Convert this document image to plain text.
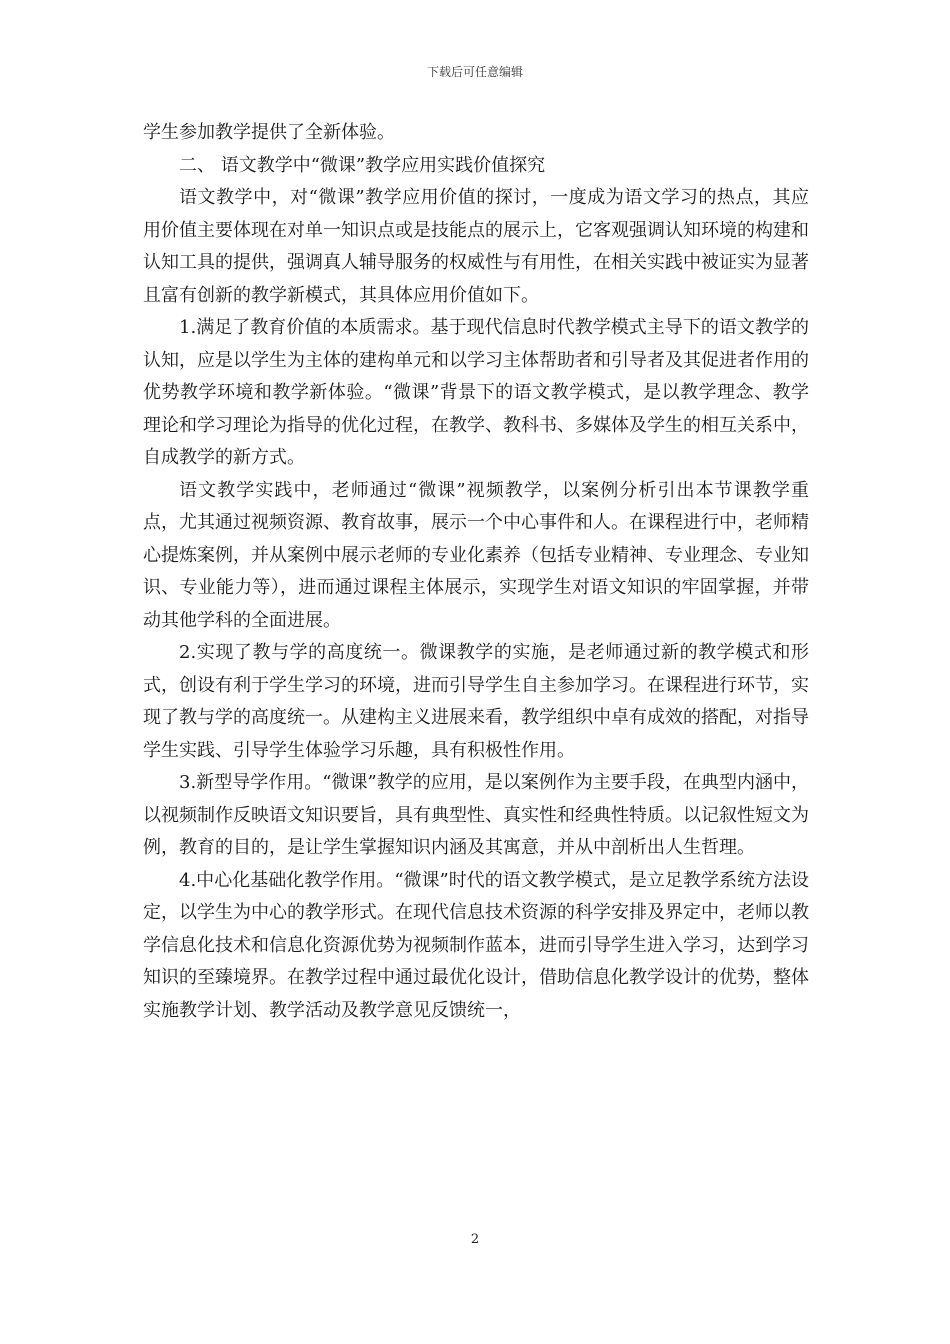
下载后可任意编辑

学生参加教学提供了全新体验。

二、 语文教学中“微课”教学应用实践价值探究

语文教学中，对“微课”教学应用价值的探讨，一度成为语文学习的热点，其应用价值主要体现在对单一知识点或是技能点的展示上，它客观强调认知环境的构建和认知工具的提供，强调真人辅导服务的权威性与有用性，在相关实践中被证实为显著且富有创新的教学新模式，其具体应用价值如下。

1.满足了教育价值的本质需求。基于现代信息时代教学模式主导下的语文教学的认知，应是以学生为主体的建构单元和以学习主体帮助者和引导者及其促进者作用的优势教学环境和教学新体验。“微课”背景下的语文教学模式，是以教学理念、教学理论和学习理论为指导的优化过程，在教学、教科书、多媒体及学生的相互关系中，自成教学的新方式。

语文教学实践中，老师通过“微课”视频教学，以案例分析引出本节课教学重点，尤其通过视频资源、教育故事，展示一个中心事件和人。在课程进行中，老师精心提炼案例，并从案例中展示老师的专业化素养（包括专业精神、专业理念、专业知识、专业能力等），进而通过课程主体展示，实现学生对语文知识的牢固掌握，并带动其他学科的全面进展。

2.实现了教与学的高度统一。微课教学的实施，是老师通过新的教学模式和形式，创设有利于学生学习的环境，进而引导学生自主参加学习。在课程进行环节，实现了教与学的高度统一。从建构主义进展来看，教学组织中卓有成效的搭配，对指导学生实践、引导学生体验学习乐趣，具有积极性作用。

3.新型导学作用。“微课”教学的应用，是以案例作为主要手段，在典型内涵中，以视频制作反映语文知识要旨，具有典型性、真实性和经典性特质。以记叙性短文为例，教育的目的，是让学生掌握知识内涵及其寓意，并从中剖析出人生哲理。

4.中心化基础化教学作用。“微课”时代的语文教学模式，是立足教学系统方法设定，以学生为中心的教学形式。在现代信息技术资源的科学安排及界定中，老师以教学信息化技术和信息化资源优势为视频制作蓝本，进而引导学生进入学习，达到学习知识的至臻境界。在教学过程中通过最优化设计，借助信息化教学设计的优势，整体实施教学计划、教学活动及教学意见反馈统一，

2
